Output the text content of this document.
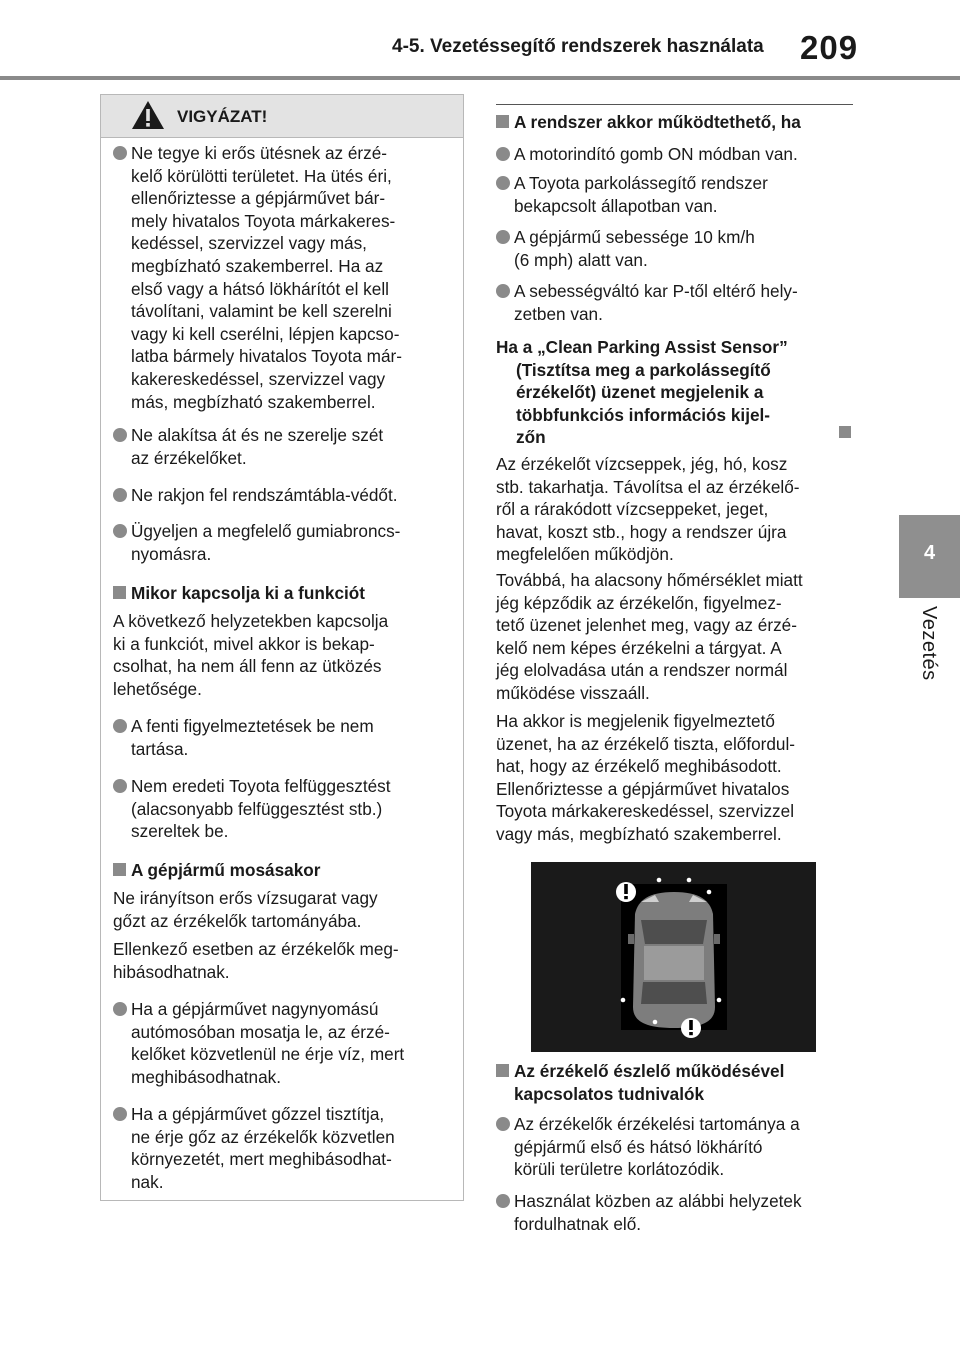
4-5. Vezetéssegítő rendszerek használata 209
4
Vezetés
VIGYÁZAT!
Ne tegye ki erős ütésnek az érzé-
kelő körülötti területet. Ha ütés éri,
ellenőriztesse a gépjárművet bár-
mely hivatalos Toyota márkakeres-
kedéssel, szervizzel vagy más,
megbízható szakemberrel. Ha az
első vagy a hátsó lökhárítót el kell
távolítani, valamint be kell szerelni
vagy ki kell cserélni, lépjen kapcso-
latba bármely hivatalos Toyota már-
kakereskedéssel, szervizzel vagy
más, megbízható szakemberrel.
Ne alakítsa át és ne szerelje szét
az érzékelőket.
Ne rakjon fel rendszámtábla-védőt.
Ügyeljen a megfelelő gumiabroncs-
nyomásra.
Mikor kapcsolja ki a funkciót
A következő helyzetekben kapcsolja
ki a funkciót, mivel akkor is bekap-
csolhat, ha nem áll fenn az ütközés
lehetősége.
A fenti figyelmeztetések be nem
tartása.
Nem eredeti Toyota felfüggesztést
(alacsonyabb felfüggesztést stb.)
szereltek be.
A gépjármű mosásakor
Ne irányítson erős vízsugarat vagy
gőzt az érzékelők tartományába.
Ellenkező esetben az érzékelők meg-
hibásodhatnak.
Ha a gépjárművet nagynyomású
autómosóban mosatja le, az érzé-
kelőket közvetlenül ne érje víz, mert
meghibásodhatnak.
Ha a gépjárművet gőzzel tisztítja,
ne érje gőz az érzékelők közvetlen
környezetét, mert meghibásodhat-
nak.
A rendszer akkor működtethető, ha
A motorindító gomb ON módban van.
A Toyota parkolássegítő rendszer
bekapcsolt állapotban van.
A gépjármű sebessége 10 km/h
(6 mph) alatt van.
A sebességváltó kar P-től eltérő hely-
zetben van.
Ha a „Clean Parking Assist Sensor”
(Tisztítsa meg a parkolássegítő
érzékelőt) üzenet megjelenik a
többfunkciós információs kijel-
zőn
Az érzékelőt vízcseppek, jég, hó, kosz
stb. takarhatja. Távolítsa el az érzékelő-
ről a rárakódott vízcseppeket, jeget,
havat, koszt stb., hogy a rendszer újra
megfelelően működjön.
Továbbá, ha alacsony hőmérséklet miatt
jég képződik az érzékelőn, figyelmez-
tető üzenet jelenhet meg, vagy az érzé-
kelő nem képes érzékelni a tárgyat. A
jég elolvadása után a rendszer normál
működése visszaáll.
Ha akkor is megjelenik figyelmeztető
üzenet, ha az érzékelő tiszta, előfordul-
hat, hogy az érzékelő meghibásodott.
Ellenőriztesse a gépjárművet hivatalos
Toyota márkakereskedéssel, szervizzel
vagy más, megbízható szakemberrel.
Az érzékelő észlelő működésével
kapcsolatos tudnivalók
Az érzékelők érzékelési tartománya a
gépjármű első és hátsó lökhárító
körüli területre korlátozódik.
Használat közben az alábbi helyzetek
fordulhatnak elő.
